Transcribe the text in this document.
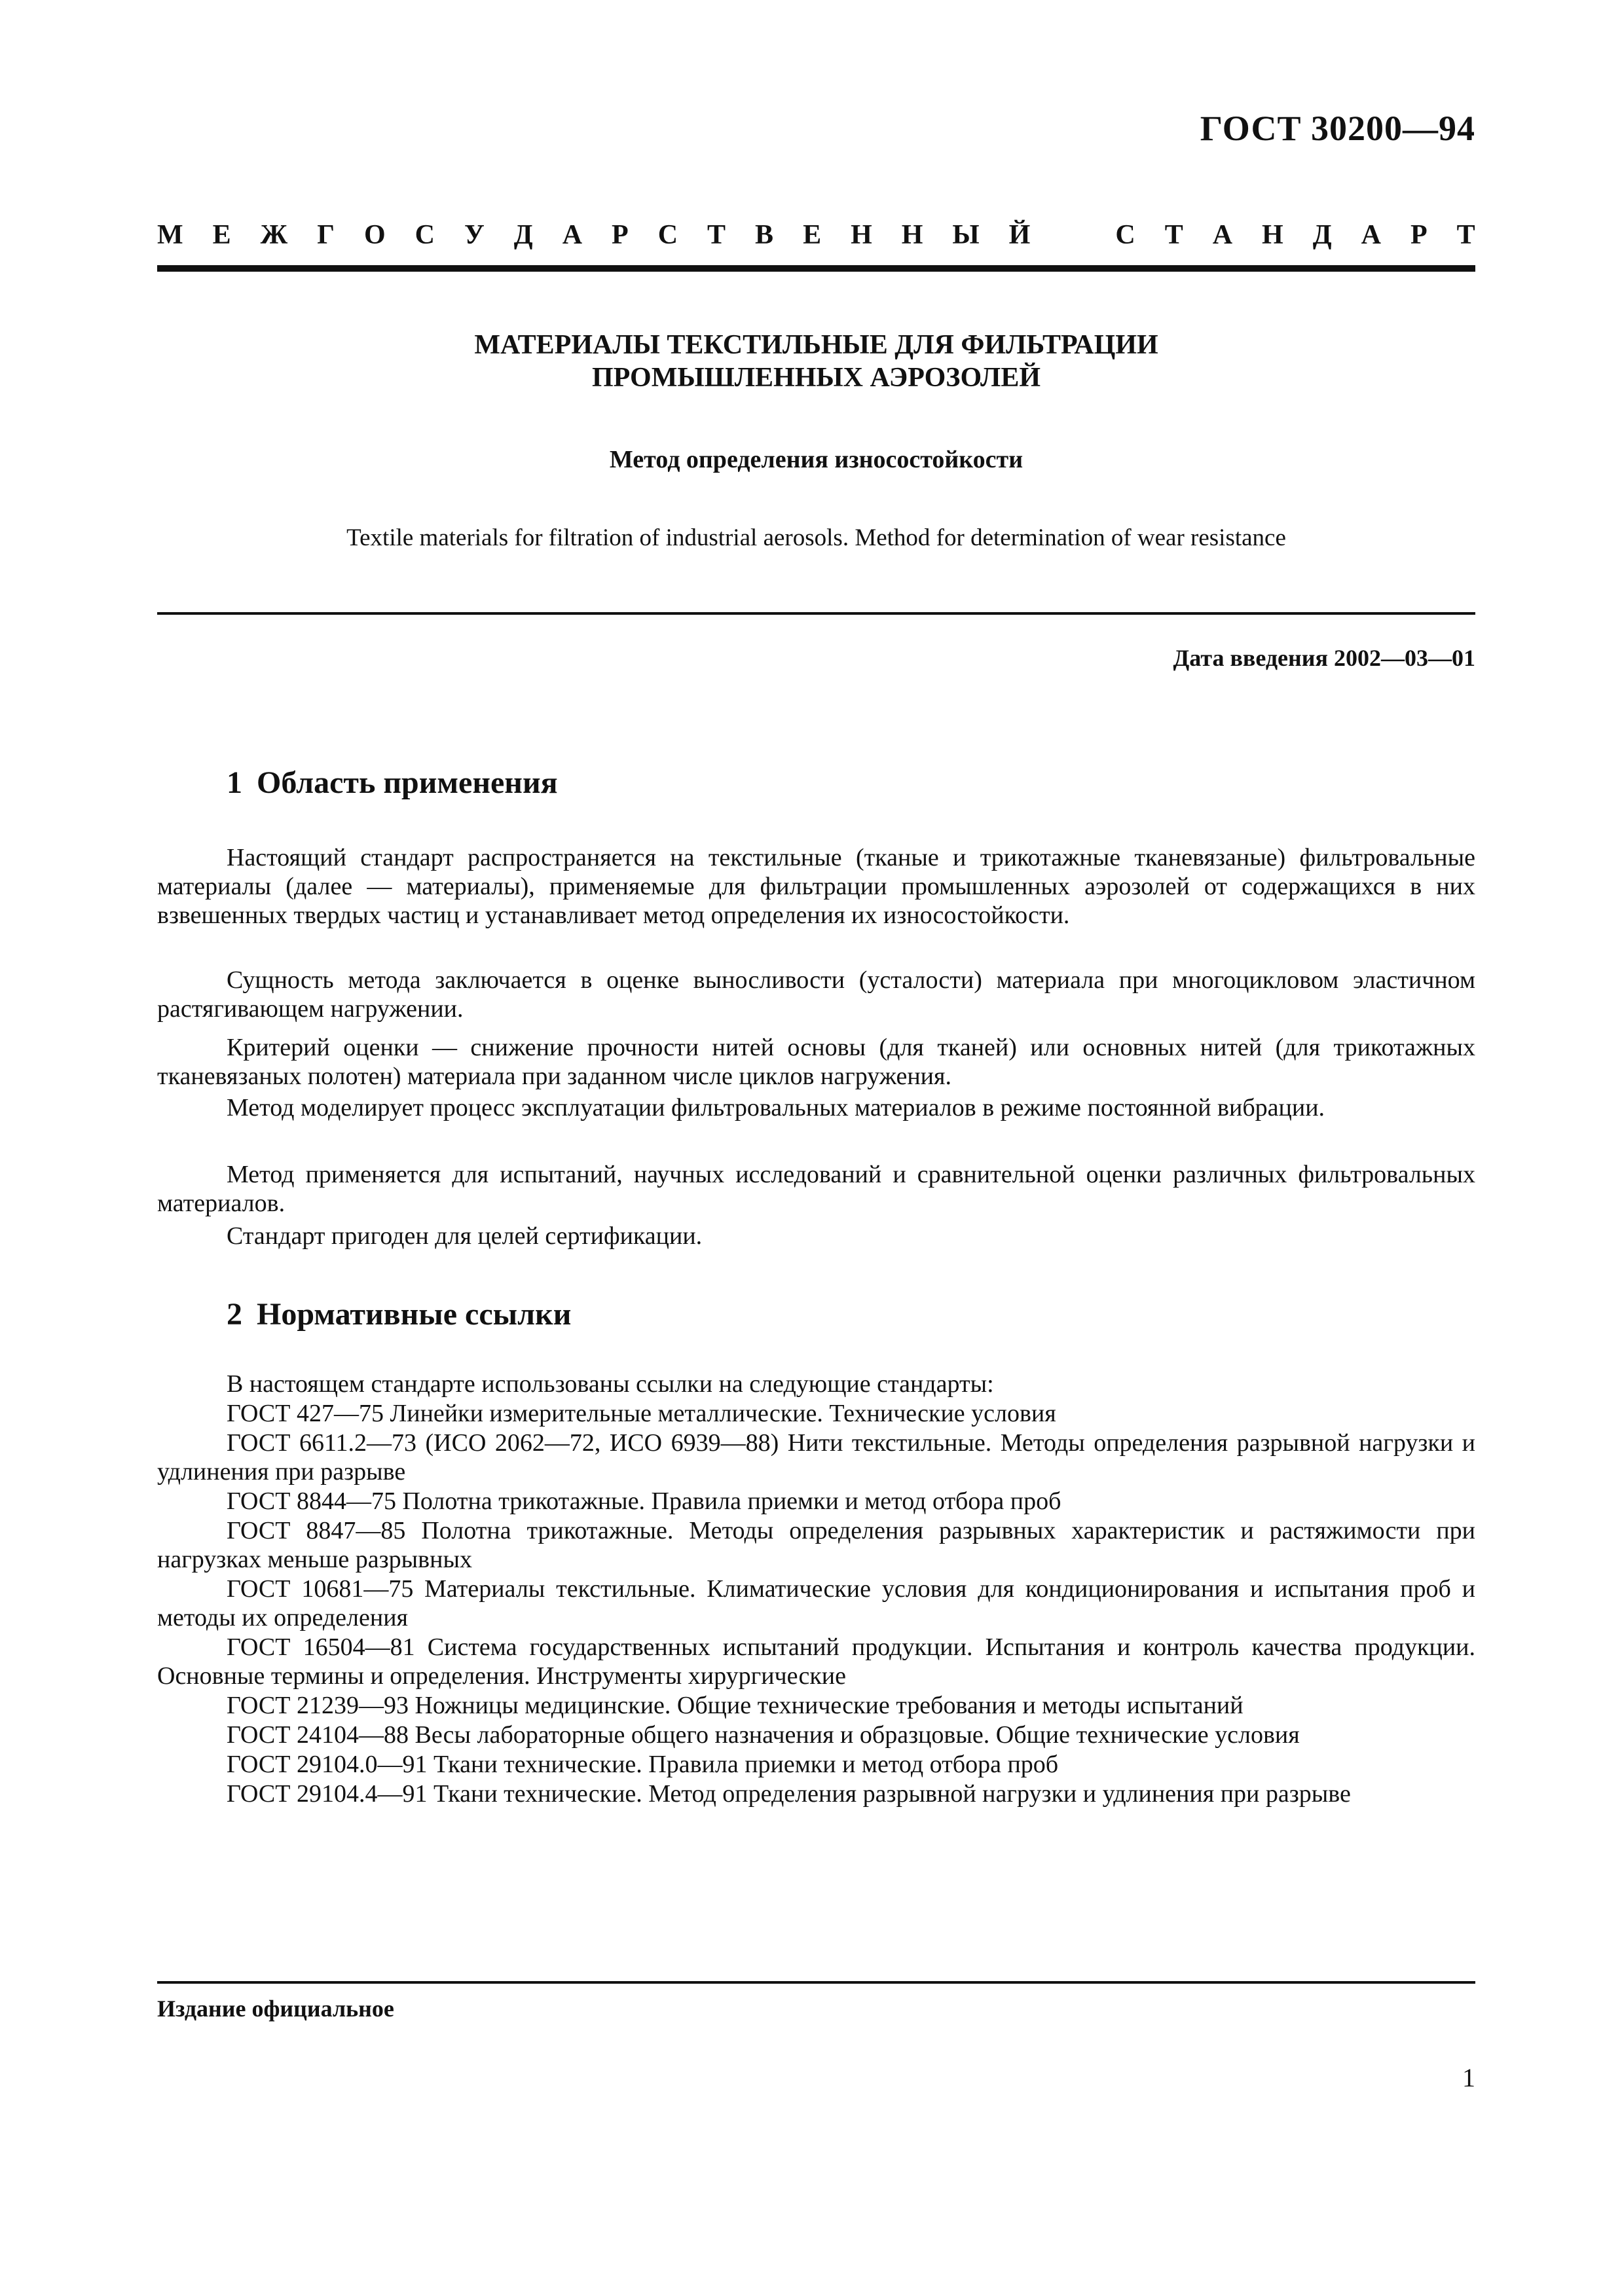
ГОСТ 30200—94
М Е Ж Г О С У Д А Р С Т В Е Н Н Ы Й	С Т А Н Д А Р Т
МАТЕРИАЛЫ ТЕКСТИЛЬНЫЕ ДЛЯ ФИЛЬТРАЦИИ
ПРОМЫШЛЕННЫХ АЭРОЗОЛЕЙ
Метод определения износостойкости
Textile materials for filtration of industrial aerosols. Method for determination of wear resistance
Дата введения 2002—03—01
1 Область применения
Настоящий стандарт распространяется на текстильные (тканые и трикотажные тканевязаные) фильтровальные материалы (далее — материалы), применяемые для фильтрации промышленных аэрозолей от содержащихся в них взвешенных твердых частиц и устанавливает метод определения их износостойкости.
Сущность метода заключается в оценке выносливости (усталости) материала при многоцикловом эластичном растягивающем нагружении.
Критерий оценки — снижение прочности нитей основы (для тканей) или основных нитей (для трикотажных тканевязаных полотен) материала при заданном числе циклов нагружения.
Метод моделирует процесс эксплуатации фильтровальных материалов в режиме постоянной вибрации.
Метод применяется для испытаний, научных исследований и сравнительной оценки различных фильтровальных материалов.
Стандарт пригоден для целей сертификации.
2 Нормативные ссылки
В настоящем стандарте использованы ссылки на следующие стандарты:
ГОСТ 427—75 Линейки измерительные металлические. Технические условия
ГОСТ 6611.2—73 (ИСО 2062—72, ИСО 6939—88) Нити текстильные. Методы определения разрывной нагрузки и удлинения при разрыве
ГОСТ 8844—75 Полотна трикотажные. Правила приемки и метод отбора проб
ГОСТ 8847—85 Полотна трикотажные. Методы определения разрывных характеристик и растяжимости при нагрузках меньше разрывных
ГОСТ 10681—75 Материалы текстильные. Климатические условия для кондиционирования и испытания проб и методы их определения
ГОСТ 16504—81 Система государственных испытаний продукции. Испытания и контроль качества продукции. Основные термины и определения. Инструменты хирургические
ГОСТ 21239—93 Ножницы медицинские. Общие технические требования и методы испытаний
ГОСТ 24104—88 Весы лабораторные общего назначения и образцовые. Общие технические условия
ГОСТ 29104.0—91 Ткани технические. Правила приемки и метод отбора проб
ГОСТ 29104.4—91 Ткани технические. Метод определения разрывной нагрузки и удлинения при разрыве
Издание официальное
1
